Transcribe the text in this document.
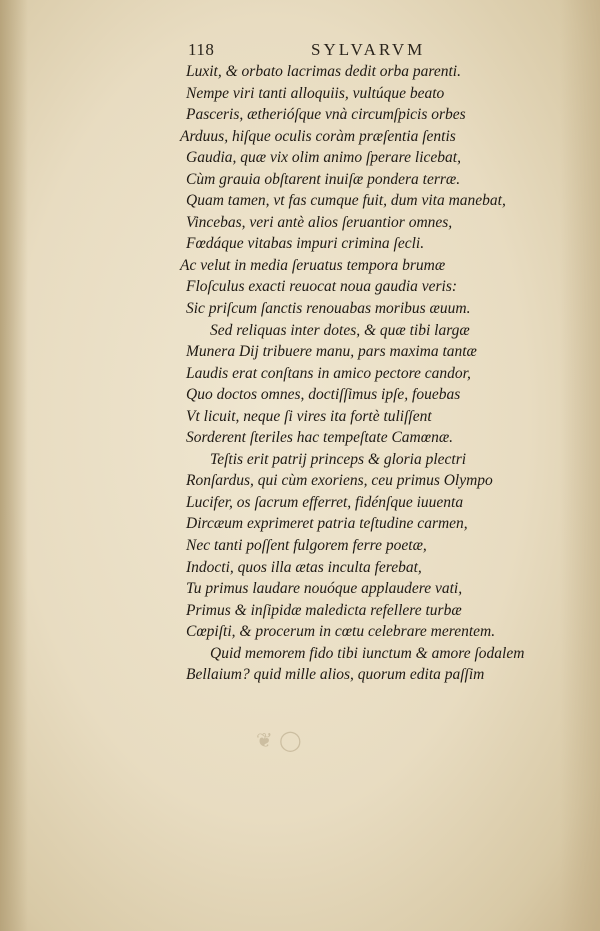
118	SYLVARVM
Luxit, & orbato lacrimas dedit orba parenti.
Nempe viri tanti alloquiis, vultúque beato
Pasceris, ætherióſque vnà circumſpicis orbes
Arduus, hiſque oculis coràm præſentia ſentis
Gaudia, quæ vix olim animo ſperare licebat,
Cùm grauia obſtarent inuiſæ pondera terræ.
Quam tamen, vt fas cumque fuit, dum vita manebat,
Vincebas, veri antè alios ſeruantior omnes,
Fœdáque vitabas impuri crimina ſecli.
Ac velut in media ſeruatus tempora brumæ
Floſculus exacti reuocat noua gaudia veris:
Sic priſcum ſanctis renouabas moribus æuum.
Sed reliquas inter dotes, & quæ tibi largæ
Munera Dij tribuere manu, pars maxima tantæ
Laudis erat conſtans in amico pectore candor,
Quo doctos omnes, doctiſſimus ipſe, fouebas
Vt licuit, neque ſi vires ita fortè tuliſſent
Sorderent ſteriles hac tempeſtate Camœnæ.
Teſtis erit patrij princeps & gloria plectri
Ronſardus, qui cùm exoriens, ceu primus Olympo
Lucifer, os ſacrum efferret, fidénſque iuuenta
Dircæum exprimeret patria teſtudine carmen,
Nec tanti poſſent fulgorem ferre poetæ,
Indocti, quos illa ætas inculta ferebat,
Tu primus laudare nouóque applaudere vati,
Primus & inſipidæ maledicta refellere turbæ
Cœpiſti, & procerum in cœtu celebrare merentem.
Quid memorem fido tibi iunctum & amore ſodalem
Bellaium? quid mille alios, quorum edita paſſim
❦ ◯
